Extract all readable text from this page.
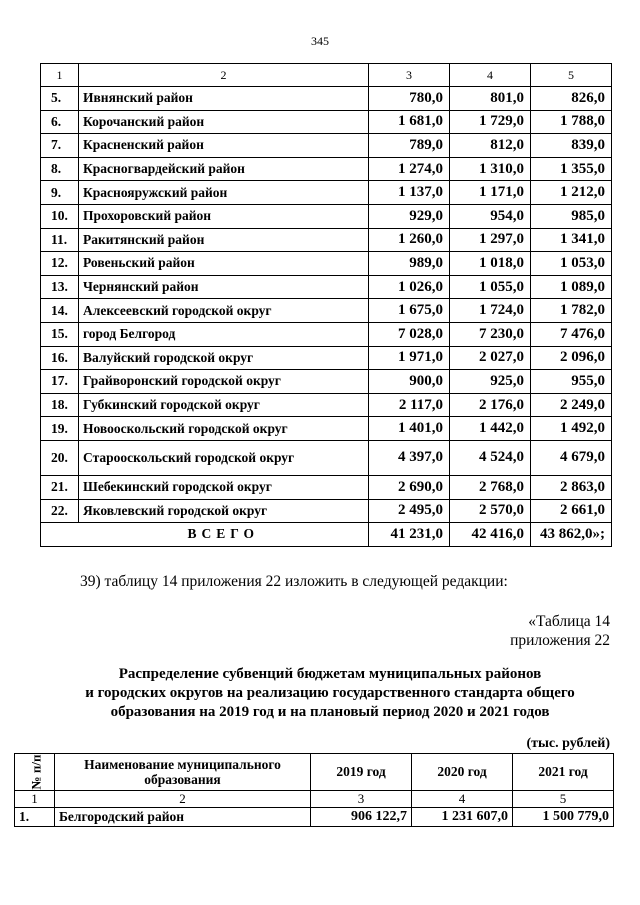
345
1	2	3	4	5
5.	Ивнянский район	780,0	801,0	826,0
6.	Корочанский район	1 681,0	1 729,0	1 788,0
7.	Красненский район	789,0	812,0	839,0
8.	Красногвардейский район	1 274,0	1 310,0	1 355,0
9.	Краснояружский район	1 137,0	1 171,0	1 212,0
10.	Прохоровский район	929,0	954,0	985,0
11.	Ракитянский район	1 260,0	1 297,0	1 341,0
12.	Ровеньский район	989,0	1 018,0	1 053,0
13.	Чернянский район	1 026,0	1 055,0	1 089,0
14.	Алексеевский городской округ	1 675,0	1 724,0	1 782,0
15.	город Белгород	7 028,0	7 230,0	7 476,0
16.	Валуйский городской округ	1 971,0	2 027,0	2 096,0
17.	Грайворонский городской округ	900,0	925,0	955,0
18.	Губкинский городской округ	2 117,0	2 176,0	2 249,0
19.	Новооскольский городской округ	1 401,0	1 442,0	1 492,0
20.	Старооскольский городской округ	4 397,0	4 524,0	4 679,0
21.	Шебекинский городской округ	2 690,0	2 768,0	2 863,0
22.	Яковлевский городской округ	2 495,0	2 570,0	2 661,0
	ВСЕГО	41 231,0	42 416,0	43 862,0»;
39) таблицу 14 приложения 22 изложить в следующей редакции:
«Таблица 14
приложения 22
Распределение субвенций бюджетам муниципальных районов
и городских округов на реализацию государственного стандарта общего
образования на 2019 год и на плановый период 2020 и 2021 годов
(тыс. рублей)
№ п/п	Наименование муниципального образования	2019 год	2020 год	2021 год
1	2	3	4	5
1.	Белгородский район	906 122,7	1 231 607,0	1 500 779,0
